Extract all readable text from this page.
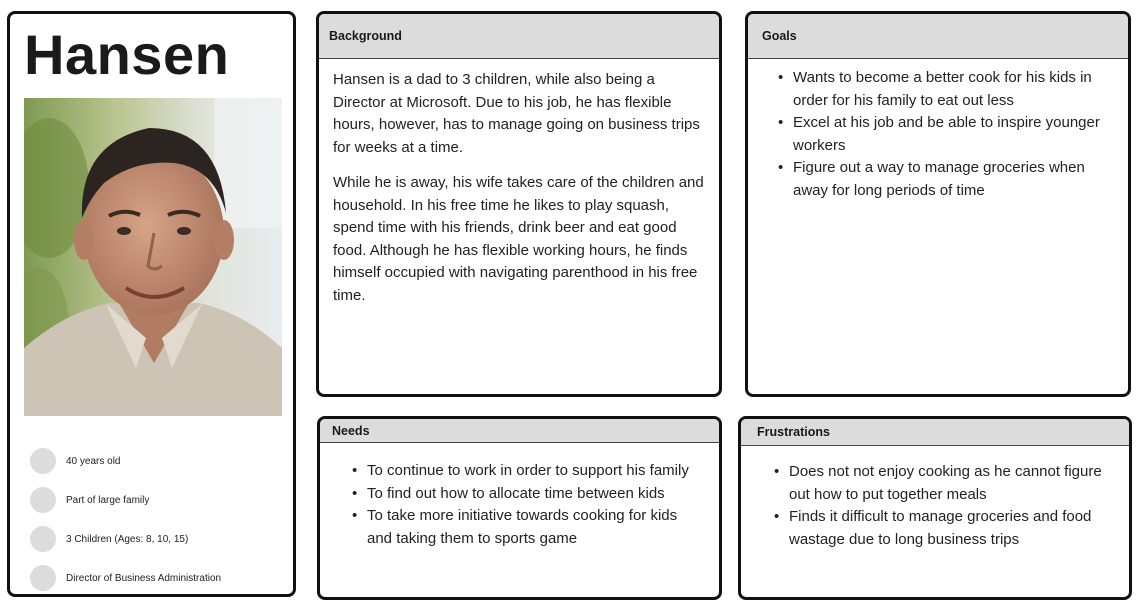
Hansen
40 years old
Part of large family
3 Children (Ages: 8, 10, 15)
Director of Business Administration
Background

Hansen is a dad to 3 children, while also being a Director at Microsoft. Due to his job, he has flexible hours, however, has to manage going on business trips for weeks at a time.

While he is away, his wife takes care of the children and household. In his free time he likes to play squash, spend time with his friends, drink beer and eat good food. Although he has flexible working hours, he finds himself occupied with navigating parenthood in his free time.

Goals
• Wants to become a better cook for his kids in order for his family to eat out less
• Excel at his job and be able to inspire younger workers
• Figure out a way to manage groceries when away for long periods of time
Needs
• To continue to work in order to support his family
• To find out how to allocate time between kids
• To take more initiative towards cooking for kids and taking them to sports game
Frustrations
• Does not not enjoy cooking as he cannot figure out how to put together meals
• Finds it difficult to manage groceries and food wastage due to long business trips
